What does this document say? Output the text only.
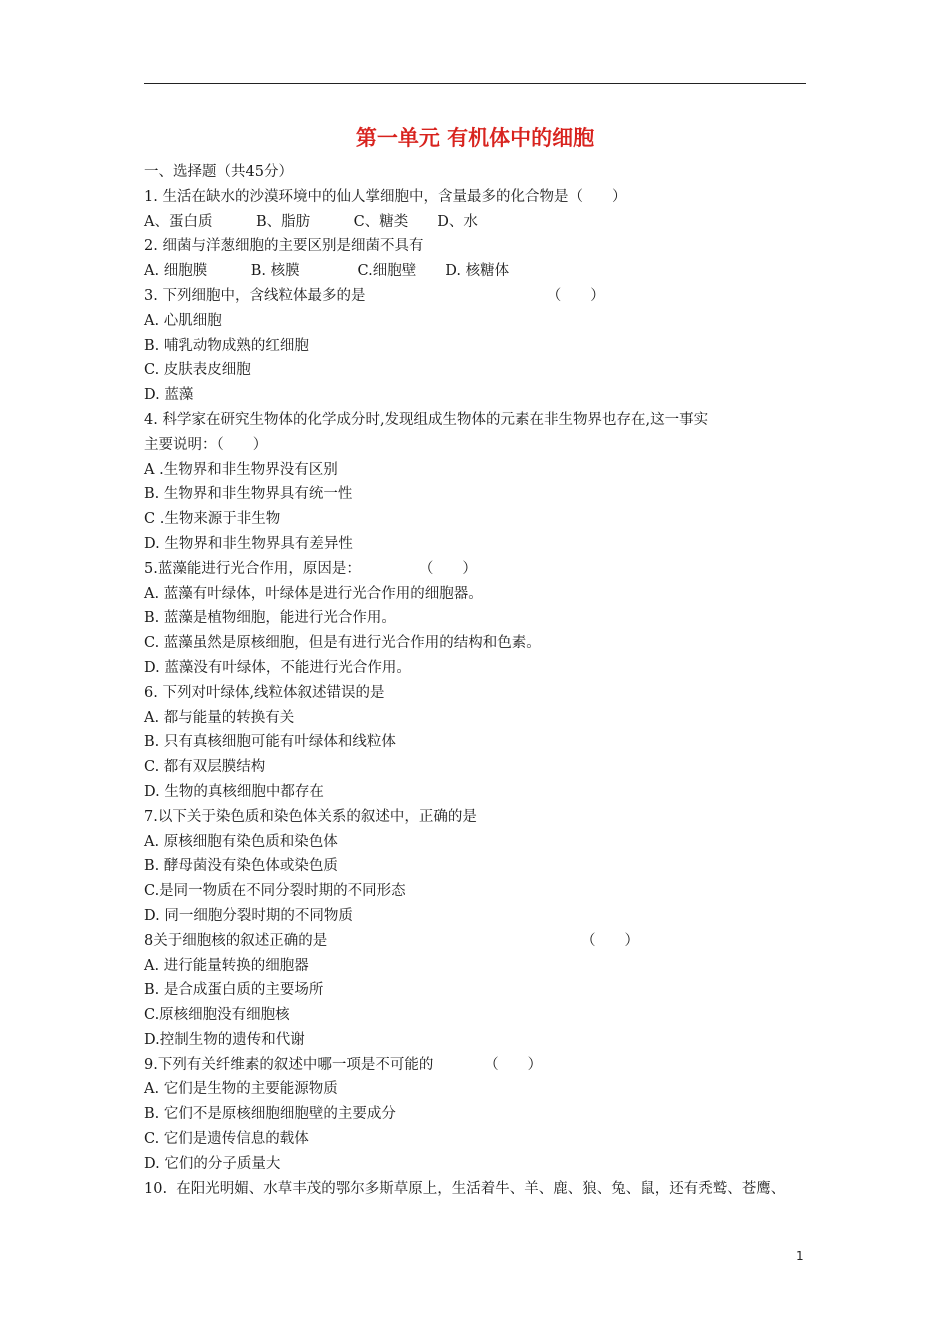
第一单元 有机体中的细胞
一、选择题（共45分）
1. 生活在缺水的沙漠环境中的仙人掌细胞中，含量最多的化合物是（　　）
A、蛋白质　　　B、脂肪　　　C、糖类　　D、水
2. 细菌与洋葱细胞的主要区别是细菌不具有
A. 细胞膜　　　B. 核膜　　　　C.细胞壁　　D. 核糖体
3. 下列细胞中，含线粒体最多的是　　　　　　　　　　　　　（　　）
A. 心肌细胞
B. 哺乳动物成熟的红细胞
C. 皮肤表皮细胞
D. 蓝藻
4. 科学家在研究生物体的化学成分时,发现组成生物体的元素在非生物界也存在,这一事实
主要说明：（　　）
A .生物界和非生物界没有区别
B. 生物界和非生物界具有统一性
C .生物来源于非生物
D. 生物界和非生物界具有差异性
5.蓝藻能进行光合作用，原因是：　　　　　（　　）
A. 蓝藻有叶绿体，叶绿体是进行光合作用的细胞器。
B. 蓝藻是植物细胞，能进行光合作用。
C. 蓝藻虽然是原核细胞，但是有进行光合作用的结构和色素。
D. 蓝藻没有叶绿体，不能进行光合作用。
6. 下列对叶绿体,线粒体叙述错误的是
A. 都与能量的转换有关
B. 只有真核细胞可能有叶绿体和线粒体
C. 都有双层膜结构
D. 生物的真核细胞中都存在
7.以下关于染色质和染色体关系的叙述中，正确的是
A. 原核细胞有染色质和染色体
B. 酵母菌没有染色体或染色质
C.是同一物质在不同分裂时期的不同形态
D. 同一细胞分裂时期的不同物质
8关于细胞核的叙述正确的是　　　　　　　　　　　　　　　　　　（　　）
A. 进行能量转换的细胞器
B. 是合成蛋白质的主要场所
C.原核细胞没有细胞核
D.控制生物的遗传和代谢
9.下列有关纤维素的叙述中哪一项是不可能的　　　　（　　）
A. 它们是生物的主要能源物质
B. 它们不是原核细胞细胞壁的主要成分
C. 它们是遗传信息的载体
D. 它们的分子质量大
10.  在阳光明媚、水草丰茂的鄂尔多斯草原上，生活着牛、羊、鹿、狼、兔、鼠，还有秃鹫、苍鹰、
1
